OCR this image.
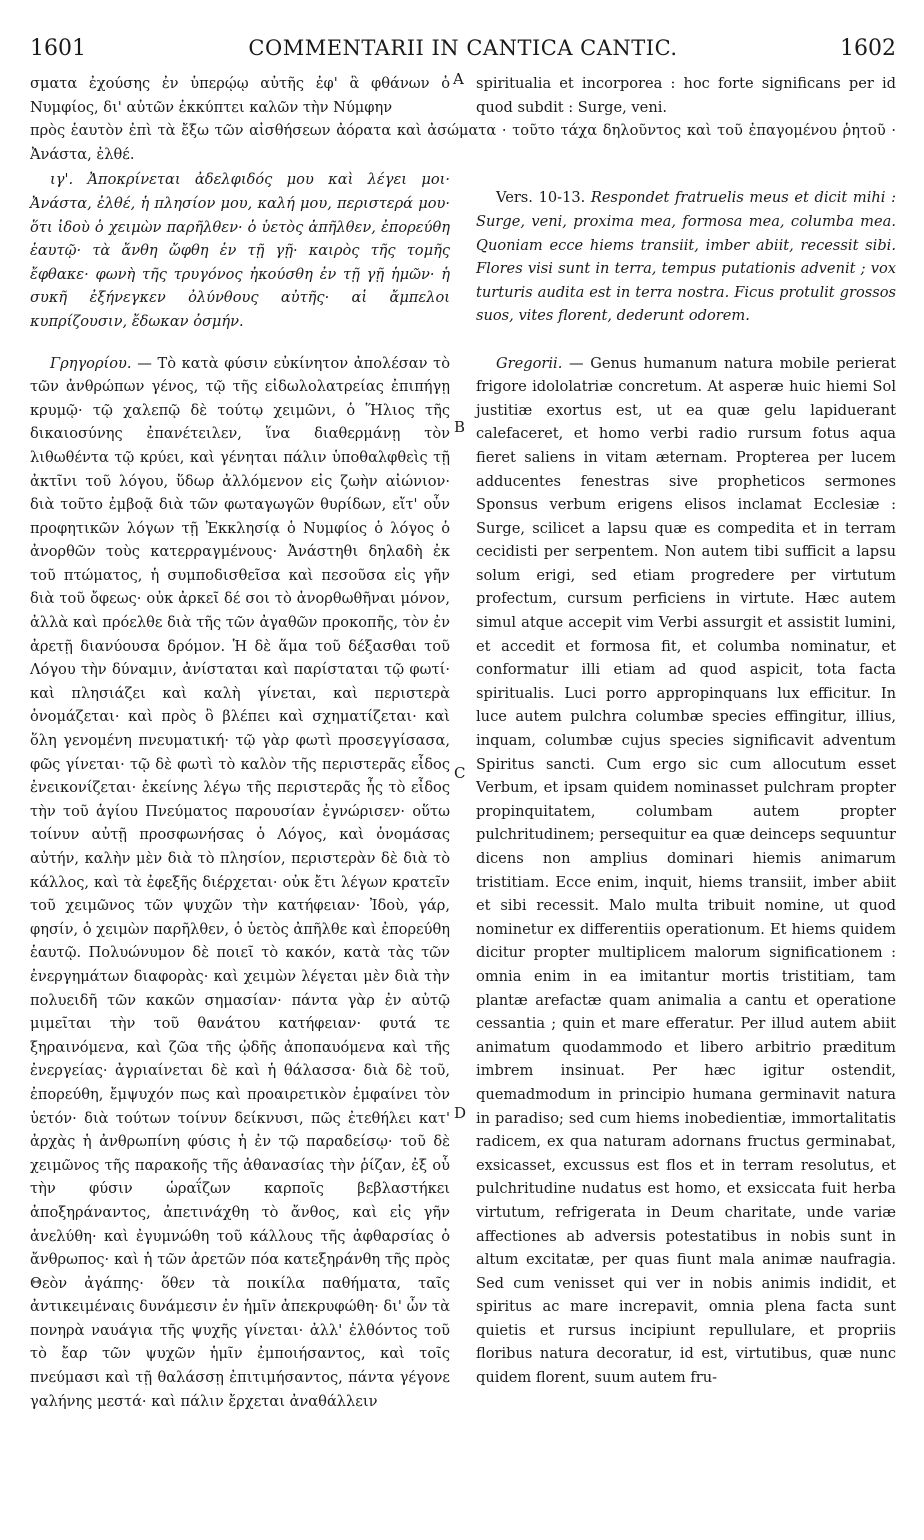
1601	COMMENTARII IN CANTICA CANTIC.	1602
A
B
C
D

σματα ἐχούσης ἐν ὑπερῴῳ αὐτῆς ἐφ' ἃ φθάνων ὁ Νυμφίος, δι' αὐτῶν ἐκκύπτει καλῶν τὴν Νύμφην

spiritualia et incorporea : hoc forte significans per id quod subdit : Surge, veni.

πρὸς ἑαυτὸν ἐπὶ τὰ ἔξω τῶν αἰσθήσεων ἀόρατα καὶ ἀσώματα · τοῦτο τάχα δηλοῦντος καὶ τοῦ ἐπαγομένου ῥητοῦ · Ἀνάστα, ἐλθέ.

ιγ'. Ἀποκρίνεται ἀδελφιδός μου καὶ λέγει μοι· Ἀνάστα, ἐλθέ, ἡ πλησίον μου, καλή μου, περιστερά μου· ὅτι ἰδοὺ ὁ χειμὼν παρῆλθεν· ὁ ὑετὸς ἀπῆλθεν, ἐπορεύθη ἑαυτῷ· τὰ ἄνθη ὤφθη ἐν τῇ γῇ· καιρὸς τῆς τομῆς ἔφθακε· φωνὴ τῆς τρυγόνος ἠκούσθη ἐν τῇ γῇ ἡμῶν· ἡ συκῆ ἐξήνεγκεν ὀλύνθους αὐτῆς· αἱ ἄμπελοι κυπρίζουσιν, ἔδωκαν ὀσμήν.

Vers. 10-13. Respondet fratruelis meus et dicit mihi : Surge, veni, proxima mea, formosa mea, columba mea. Quoniam ecce hiems transiit, imber abiit, recessit sibi. Flores visi sunt in terra, tempus putationis advenit ; vox turturis audita est in terra nostra. Ficus protulit grossos suos, vites florent, dederunt odorem.

Γρηγορίου. — Τὸ κατὰ φύσιν εὐκίνητον ἀπολέσαν τὸ τῶν ἀνθρώπων γένος, τῷ τῆς εἰδωλολατρείας ἐπιπήγῃ κρυμῷ· τῷ χαλεπῷ δὲ τούτῳ χειμῶνι, ὁ Ἥλιος τῆς δικαιοσύνης ἐπανέτειλεν, ἵνα διαθερμάνῃ τὸν λιθωθέντα τῷ κρύει, καὶ γένηται πάλιν ὑποθαλφθεὶς τῇ ἀκτῖνι τοῦ λόγου, ὕδωρ ἀλλόμενον εἰς ζωὴν αἰώνιον· διὰ τοῦτο ἐμβοᾷ διὰ τῶν φωταγωγῶν θυρίδων, εἴτ' οὖν προφητικῶν λόγων τῇ Ἐκκλησίᾳ ὁ Νυμφίος ὁ λόγος ὁ ἀνορθῶν τοὺς κατερραγμένους· Ἀνάστηθι δηλαδὴ ἐκ τοῦ πτώματος, ἡ συμποδισθεῖσα καὶ πεσοῦσα εἰς γῆν διὰ τοῦ ὄφεως· οὐκ ἀρκεῖ δέ σοι τὸ ἀνορθωθῆναι μόνον, ἀλλὰ καὶ πρόελθε διὰ τῆς τῶν ἀγαθῶν προκοπῆς, τὸν ἐν ἀρετῇ διανύουσα δρόμον. Ἡ δὲ ἅμα τοῦ δέξασθαι τοῦ Λόγου τὴν δύναμιν, ἀνίσταται καὶ παρίσταται τῷ φωτί· καὶ πλησιάζει καὶ καλὴ γίνεται, καὶ περιστερὰ ὀνομάζεται· καὶ πρὸς ὃ βλέπει καὶ σχηματίζεται· καὶ ὅλη γενομένη πνευματική· τῷ γὰρ φωτὶ προσεγγίσασα, φῶς γίνεται· τῷ δὲ φωτὶ τὸ καλὸν τῆς περιστερᾶς εἶδος ἐνεικονίζεται· ἐκείνης λέγω τῆς περιστερᾶς ἧς τὸ εἶδος τὴν τοῦ ἁγίου Πνεύματος παρουσίαν ἐγνώρισεν· οὕτω τοίνυν αὐτῇ προσφωνήσας ὁ Λόγος, καὶ ὀνομάσας αὐτήν, καλὴν μὲν διὰ τὸ πλησίον, περιστερὰν δὲ διὰ τὸ κάλλος, καὶ τὰ ἐφεξῆς διέρχεται· οὐκ ἔτι λέγων κρατεῖν τοῦ χειμῶνος τῶν ψυχῶν τὴν κατήφειαν· Ἰδοὺ, γάρ, φησίν, ὁ χειμὼν παρῆλθεν, ὁ ὑετὸς ἀπῆλθε καὶ ἐπορεύθη ἑαυτῷ. Πολυώνυμον δὲ ποιεῖ τὸ κακόν, κατὰ τὰς τῶν ἐνεργημάτων διαφορὰς· καὶ χειμὼν λέγεται μὲν διὰ τὴν πολυειδῆ τῶν κακῶν σημασίαν· πάντα γὰρ ἐν αὐτῷ μιμεῖται τὴν τοῦ θανάτου κατήφειαν· φυτά τε ξηραινόμενα, καὶ ζῶα τῆς ᾠδῆς ἀποπαυόμενα καὶ τῆς ἐνεργείας· ἀγριαίνεται δὲ καὶ ἡ θάλασσα· διὰ δὲ τοῦ, ἐπορεύθη, ἔμψυχόν πως καὶ προαιρετικὸν ἐμφαίνει τὸν ὑετόν· διὰ τούτων τοίνυν δείκνυσι, πῶς ἐτεθήλει κατ' ἀρχὰς ἡ ἀνθρωπίνη φύσις ἡ ἐν τῷ παραδείσῳ· τοῦ δὲ χειμῶνος τῆς παρακοῆς τῆς ἀθανασίας τὴν ῥίζαν, ἐξ οὗ τὴν φύσιν ὡραΐζων καρποῖς βεβλαστήκει ἀποξηράναντος, ἀπετινάχθη τὸ ἄνθος, καὶ εἰς γῆν ἀνελύθη· καὶ ἐγυμνώθη τοῦ κάλλους τῆς ἀφθαρσίας ὁ ἄνθρωπος· καὶ ἡ τῶν ἀρετῶν πόα κατεξηράνθη τῆς πρὸς Θεὸν ἀγάπης· ὅθεν τὰ ποικίλα παθήματα, ταῖς ἀντικειμέναις δυνάμεσιν ἐν ἡμῖν ἀπεκρυφώθη· δι' ὧν τὰ πονηρὰ ναυάγια τῆς ψυχῆς γίνεται· ἀλλ' ἐλθόντος τοῦ τὸ ἔαρ τῶν ψυχῶν ἡμῖν ἐμποιήσαντος, καὶ τοῖς πνεύμασι καὶ τῇ θαλάσσῃ ἐπιτιμήσαντος, πάντα γέγονε γαλήνης μεστά· καὶ πάλιν ἔρχεται ἀναθάλλειν

Gregorii. — Genus humanum natura mobile perierat frigore idololatriæ concretum. At asperæ huic hiemi Sol justitiæ exortus est, ut ea quæ gelu lapiduerant calefaceret, et homo verbi radio rursum fotus aqua fieret saliens in vitam æternam. Propterea per lucem adducentes fenestras sive propheticos sermones Sponsus verbum erigens elisos inclamat Ecclesiæ : Surge, scilicet a lapsu quæ es compedita et in terram cecidisti per serpentem. Non autem tibi sufficit a lapsu solum erigi, sed etiam progredere per virtutum profectum, cursum perficiens in virtute. Hæc autem simul atque accepit vim Verbi assurgit et assistit lumini, et accedit et formosa fit, et columba nominatur, et conformatur illi etiam ad quod aspicit, tota facta spiritualis. Luci porro appropinquans lux efficitur. In luce autem pulchra columbæ species effingitur, illius, inquam, columbæ cujus species significavit adventum Spiritus sancti. Cum ergo sic cum allocutum esset Verbum, et ipsam quidem nominasset pulchram propter propinquitatem, columbam autem propter pulchritudinem; persequitur ea quæ deinceps sequuntur dicens non amplius dominari hiemis animarum tristitiam. Ecce enim, inquit, hiems transiit, imber abiit et sibi recessit. Malo multa tribuit nomine, ut quod nominetur ex differentiis operationum. Et hiems quidem dicitur propter multiplicem malorum significationem : omnia enim in ea imitantur mortis tristitiam, tam plantæ arefactæ quam animalia a cantu et operatione cessantia ; quin et mare efferatur. Per illud autem abiit animatum quodammodo et libero arbitrio præditum imbrem insinuat. Per hæc igitur ostendit, quemadmodum in principio humana germinavit natura in paradiso; sed cum hiems inobedientiæ, immortalitatis radicem, ex qua naturam adornans fructus germinabat, exsicasset, excussus est flos et in terram resolutus, et pulchritudine nudatus est homo, et exsiccata fuit herba virtutum, refrigerata in Deum charitate, unde variæ affectiones ab adversis potestatibus in nobis sunt in altum excitatæ, per quas fiunt mala animæ naufragia. Sed cum venisset qui ver in nobis animis indidit, et spiritus ac mare increpavit, omnia plena facta sunt quietis et rursus incipiunt repullulare, et propriis floribus natura decoratur, id est, virtutibus, quæ nunc quidem florent, suum autem fru-
